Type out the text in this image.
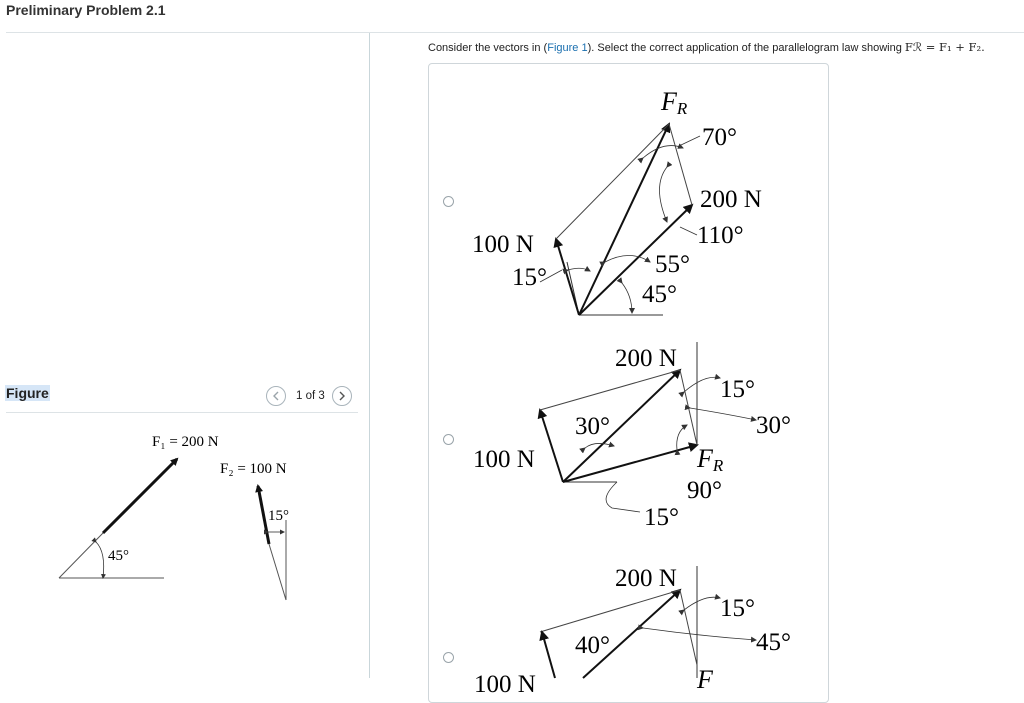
Preliminary Problem 2.1
Figure	1 of 3
45°
F₁ = 200 N
15°
F₂ = 100 N
Consider the vectors in (Figure 1). Select the correct application of the parallelogram law showing Fℛ = F₁ + F₂.
FR
70°
200 N
110°
100 N
15°	55°
45°
200 N
15°
30°
30°
100 N	FR
90°
15°
200 N
15°
45°
40°
100 N	F
